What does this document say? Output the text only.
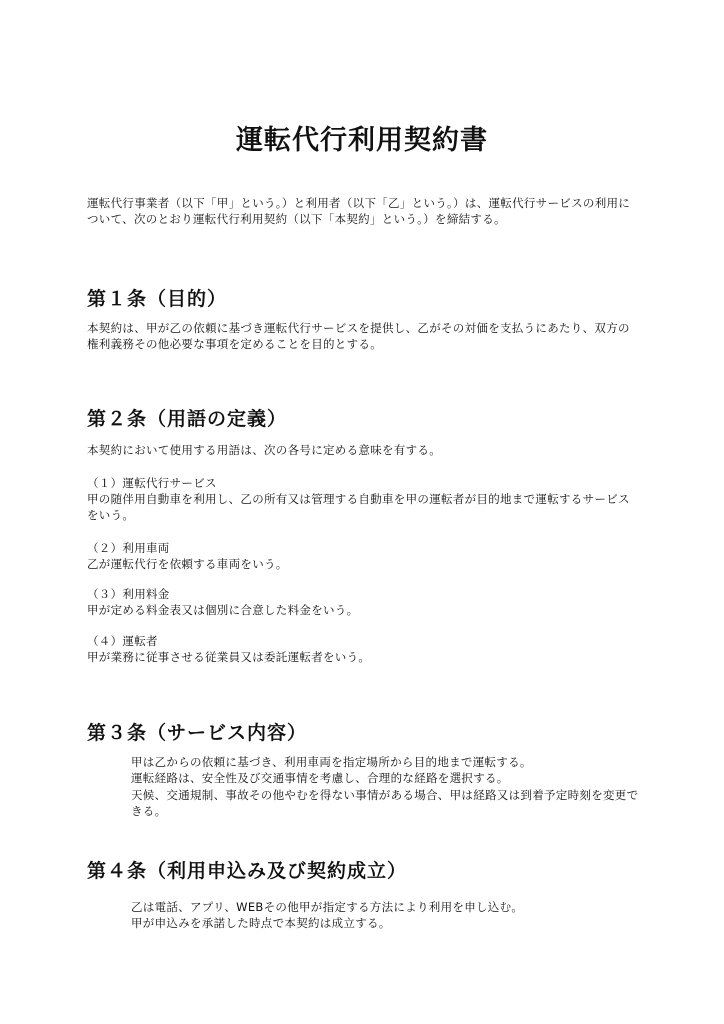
運転代行利用契約書

運転代行事業者（以下「甲」という。）と利用者（以下「乙」という。）は、運転代行サービスの利用について、次のとおり運転代行利用契約（以下「本契約」という。）を締結する。

第１条（目的）

本契約は、甲が乙の依頼に基づき運転代行サービスを提供し、乙がその対価を支払うにあたり、双方の権利義務その他必要な事項を定めることを目的とする。

第２条（用語の定義）

本契約において使用する用語は、次の各号に定める意味を有する。

（１）運転代行サービス

甲の随伴用自動車を利用し、乙の所有又は管理する自動車を甲の運転者が目的地まで運転するサービスをいう。

（２）利用車両

乙が運転代行を依頼する車両をいう。

（３）利用料金

甲が定める料金表又は個別に合意した料金をいう。

（４）運転者

甲が業務に従事させる従業員又は委託運転者をいう。

第３条（サービス内容）

甲は乙からの依頼に基づき、利用車両を指定場所から目的地まで運転する。

運転経路は、安全性及び交通事情を考慮し、合理的な経路を選択する。

天候、交通規制、事故その他やむを得ない事情がある場合、甲は経路又は到着予定時刻を変更できる。

第４条（利用申込み及び契約成立）

乙は電話、アプリ、WEBその他甲が指定する方法により利用を申し込む。

甲が申込みを承諾した時点で本契約は成立する。
